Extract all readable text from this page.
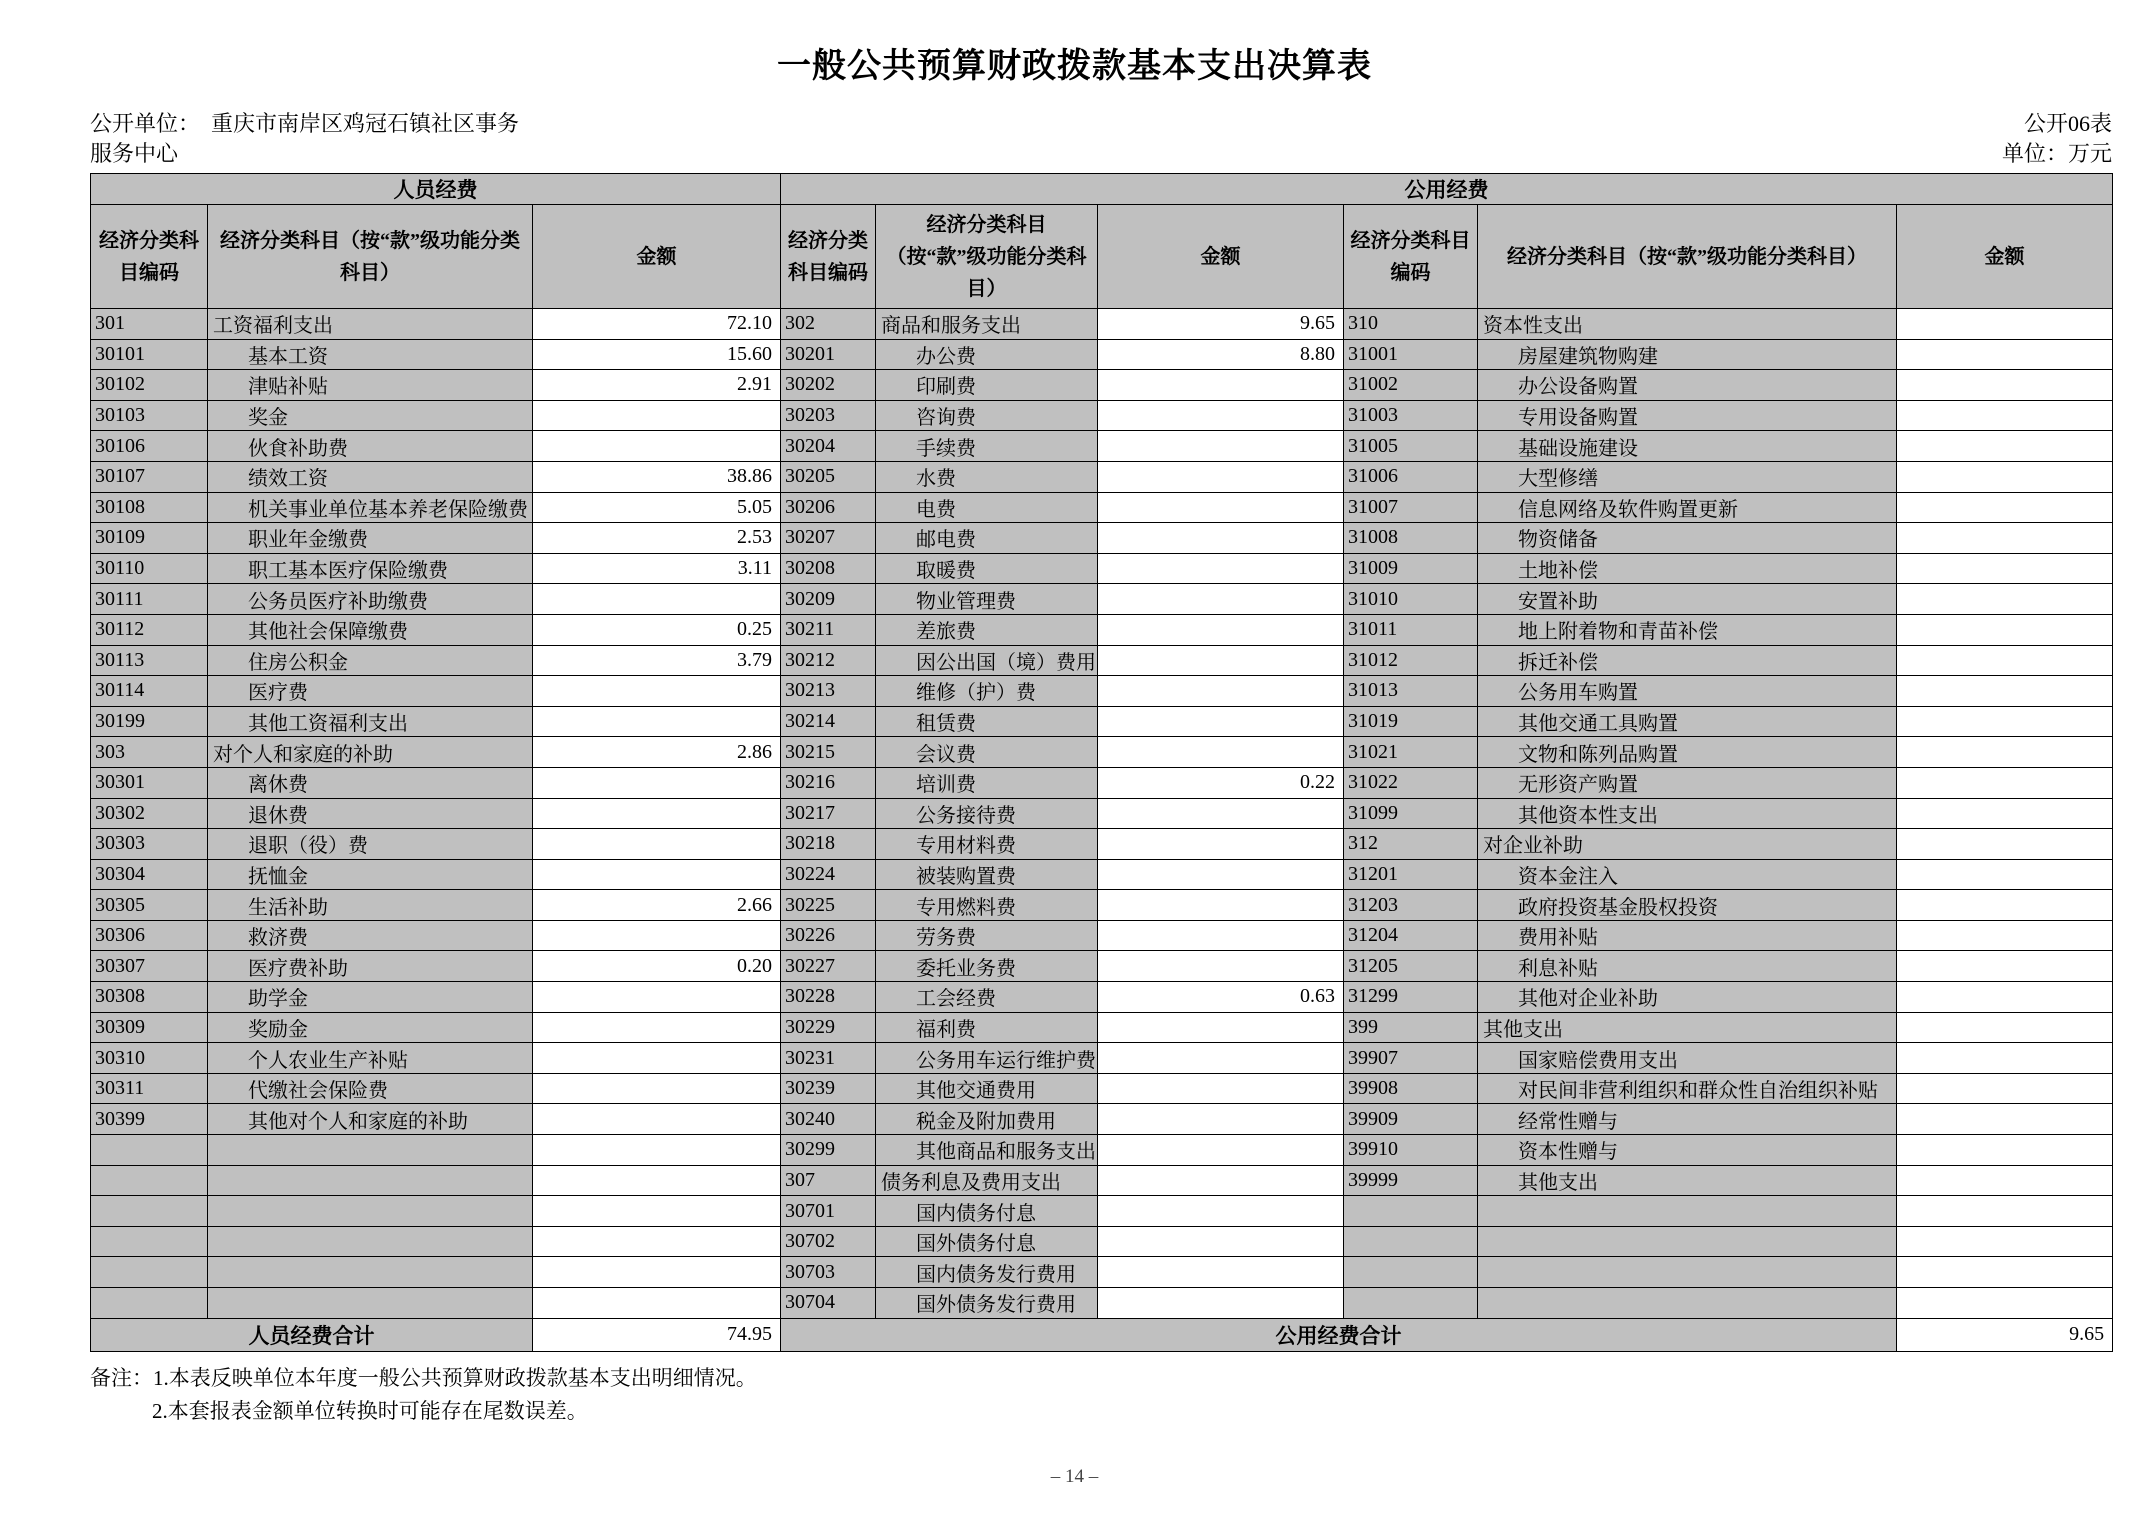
一般公共预算财政拨款基本支出决算表
公开单位：　重庆市南岸区鸡冠石镇社区事务
服务中心
公开06表
单位：万元
人员经费			公用经费					
经济分类科目编码	经济分类科目（按“款”级功能分类科目）	金额	经济分类科目编码	经济分类科目（按“款”级功能分类科目）	金额	经济分类科目编码	经济分类科目（按“款”级功能分类科目）	金额
301	工资福利支出	72.10	302	商品和服务支出	9.65	310	资本性支出	
30101	基本工资	15.60	30201	办公费	8.80	31001	房屋建筑物购建	
30102	津贴补贴	2.91	30202	印刷费		31002	办公设备购置	
30103	奖金		30203	咨询费		31003	专用设备购置	
30106	伙食补助费		30204	手续费		31005	基础设施建设	
30107	绩效工资	38.86	30205	水费		31006	大型修缮	
30108	机关事业单位基本养老保险缴费	5.05	30206	电费		31007	信息网络及软件购置更新	
30109	职业年金缴费	2.53	30207	邮电费		31008	物资储备	
30110	职工基本医疗保险缴费	3.11	30208	取暖费		31009	土地补偿	
30111	公务员医疗补助缴费		30209	物业管理费		31010	安置补助	
30112	其他社会保障缴费	0.25	30211	差旅费		31011	地上附着物和青苗补偿	
30113	住房公积金	3.79	30212	因公出国（境）费用		31012	拆迁补偿	
30114	医疗费		30213	维修（护）费		31013	公务用车购置	
30199	其他工资福利支出		30214	租赁费		31019	其他交通工具购置	
303	对个人和家庭的补助	2.86	30215	会议费		31021	文物和陈列品购置	
30301	离休费		30216	培训费	0.22	31022	无形资产购置	
30302	退休费		30217	公务接待费		31099	其他资本性支出	
30303	退职（役）费		30218	专用材料费		312	对企业补助	
30304	抚恤金		30224	被装购置费		31201	资本金注入	
30305	生活补助	2.66	30225	专用燃料费		31203	政府投资基金股权投资	
30306	救济费		30226	劳务费		31204	费用补贴	
30307	医疗费补助	0.20	30227	委托业务费		31205	利息补贴	
30308	助学金		30228	工会经费	0.63	31299	其他对企业补助	
30309	奖励金		30229	福利费		399	其他支出	
30310	个人农业生产补贴		30231	公务用车运行维护费		39907	国家赔偿费用支出	
30311	代缴社会保险费		30239	其他交通费用		39908	对民间非营利组织和群众性自治组织补贴	
30399	其他对个人和家庭的补助		30240	税金及附加费用		39909	经常性赠与	
			30299	其他商品和服务支出		39910	资本性赠与	
			307	债务利息及费用支出		39999	其他支出	
			30701	国内债务付息				
			30702	国外债务付息				
			30703	国内债务发行费用				
			30704	国外债务发行费用				
人员经费合计		74.95	公用经费合计					9.65
备注：1.本表反映单位本年度一般公共预算财政拨款基本支出明细情况。
2.本套报表金额单位转换时可能存在尾数误差。
– 14 –
